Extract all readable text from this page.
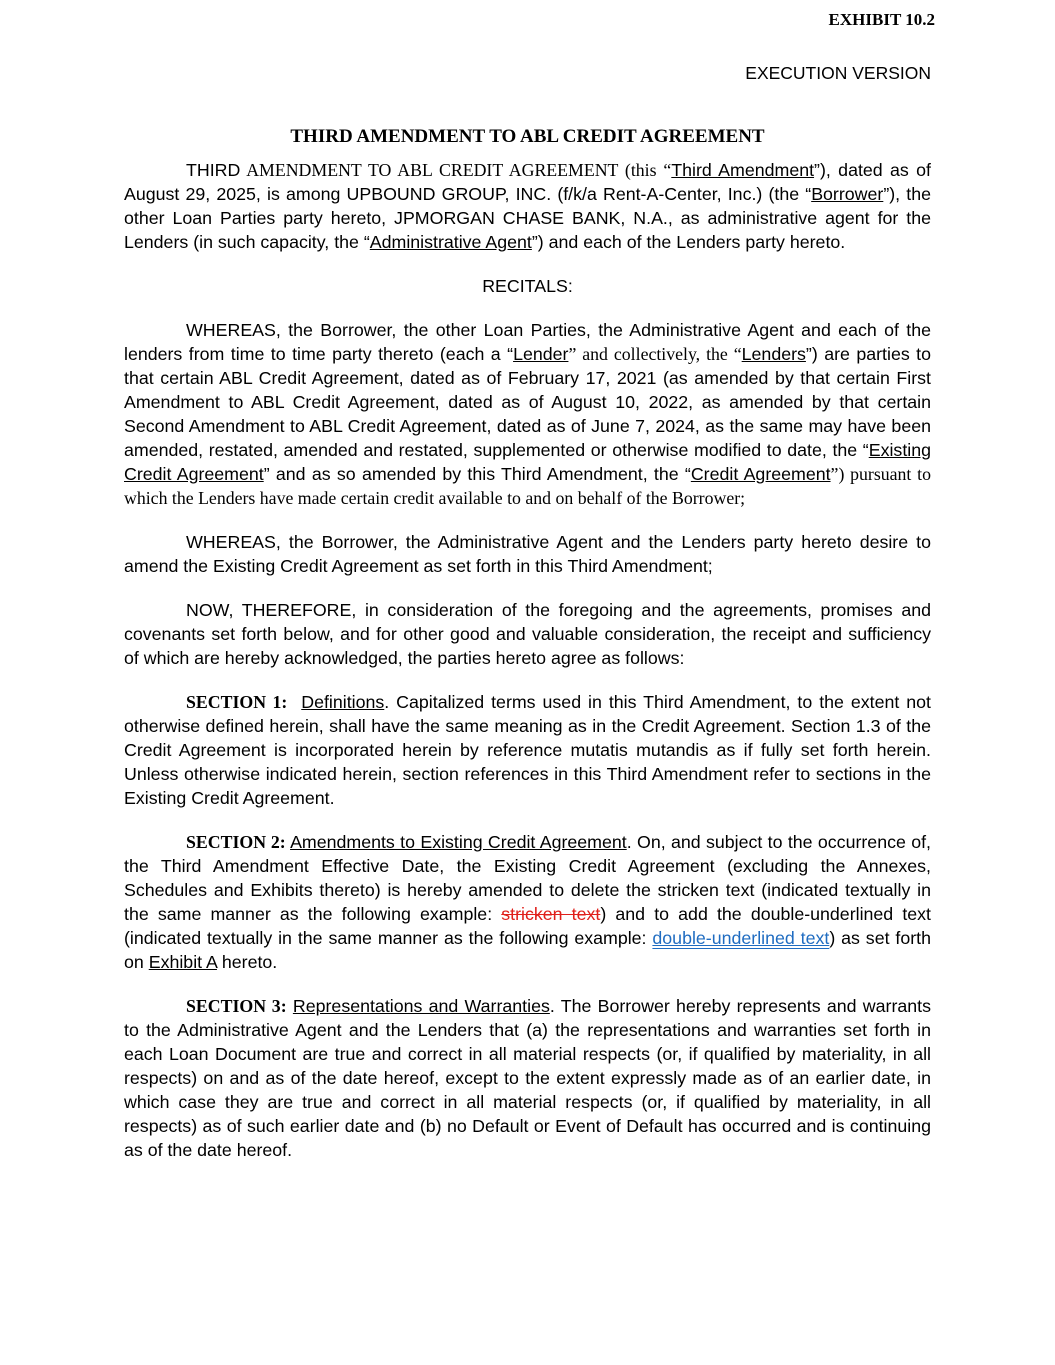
EXHIBIT 10.2
EXECUTION VERSION
THIRD AMENDMENT TO ABL CREDIT AGREEMENT

THIRD AMENDMENT TO ABL CREDIT AGREEMENT (this “Third Amendment”), dated as of August 29, 2025, is among UPBOUND GROUP, INC. (f/k/a Rent-A-Center, Inc.) (the “Borrower”), the other Loan Parties party hereto, JPMORGAN CHASE BANK, N.A., as administrative agent for the Lenders (in such capacity, the “Administrative Agent”) and each of the Lenders party hereto.

RECITALS:

WHEREAS, the Borrower, the other Loan Parties, the Administrative Agent and each of the lenders from time to time party thereto (each a “Lender” and collectively, the “Lenders”) are parties to that certain ABL Credit Agreement, dated as of February 17, 2021 (as amended by that certain First Amendment to ABL Credit Agreement, dated as of August 10, 2022, as amended by that certain Second Amendment to ABL Credit Agreement, dated as of June 7, 2024, as the same may have been amended, restated, amended and restated, supplemented or otherwise modified to date, the “Existing Credit Agreement” and as so amended by this Third Amendment, the “Credit Agreement”) pursuant to which the Lenders have made certain credit available to and on behalf of the Borrower;

WHEREAS, the Borrower, the Administrative Agent and the Lenders party hereto desire to amend the Existing Credit Agreement as set forth in this Third Amendment;

NOW, THEREFORE, in consideration of the foregoing and the agreements, promises and covenants set forth below, and for other good and valuable consideration, the receipt and sufficiency of which are hereby acknowledged, the parties hereto agree as follows:

SECTION 1: Definitions. Capitalized terms used in this Third Amendment, to the extent not otherwise defined herein, shall have the same meaning as in the Credit Agreement. Section 1.3 of the Credit Agreement is incorporated herein by reference mutatis mutandis as if fully set forth herein. Unless otherwise indicated herein, section references in this Third Amendment refer to sections in the Existing Credit Agreement.

SECTION 2: Amendments to Existing Credit Agreement. On, and subject to the occurrence of, the Third Amendment Effective Date, the Existing Credit Agreement (excluding the Annexes, Schedules and Exhibits thereto) is hereby amended to delete the stricken text (indicated textually in the same manner as the following example: stricken text) and to add the double-underlined text (indicated textually in the same manner as the following example: double-underlined text) as set forth on Exhibit A hereto.

SECTION 3: Representations and Warranties. The Borrower hereby represents and warrants to the Administrative Agent and the Lenders that (a) the representations and warranties set forth in each Loan Document are true and correct in all material respects (or, if qualified by materiality, in all respects) on and as of the date hereof, except to the extent expressly made as of an earlier date, in which case they are true and correct in all material respects (or, if qualified by materiality, in all respects) as of such earlier date and (b) no Default or Event of Default has occurred and is continuing as of the date hereof.
